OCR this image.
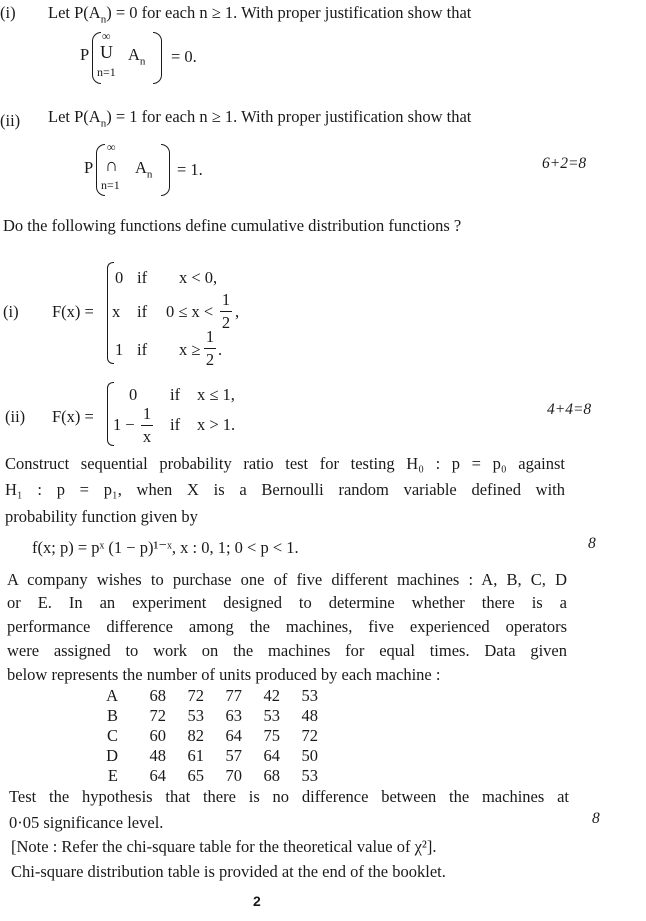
(i) Let $P(A_n) = 0$ for each n ≥ 1. With proper justification show that
P
∞
U
n=1
$A_n = 0$.
(ii) Let $P(A_n) = 1$ for each n ≥ 1. With proper justification show that
P
∞
∩
n=1
$A_n = 1$.	6+2=8
Do the following functions define cumulative distribution functions ?
(i) F(x) =
0 if x < 0,
x if 0 ≤ x <
1
2
,
1 if x ≥
1
2
.
(ii) F(x) =
0 if x ≤ 1,
1 −
1
x
if x > 1.
4+4=8
Construct sequential probability ratio test for testing H₀ : p = p₀ against
H₁ : p = p₁, when X is a Bernoulli random variable defined with
probability function given by
f(x; p) = pˣ (1 − p)¹⁻ˣ, x : 0, 1; 0 < p < 1.	8
A company wishes to purchase one of five different machines : A, B, C, D
or E. In an experiment designed to determine whether there is a
performance difference among the machines, five experienced operators
were assigned to work on the machines for equal times. Data given
below represents the number of units produced by each machine :
A	68	72	77	42	53
B	72	53	63	53	48
C	60	82	64	75	72
D	48	61	57	64	50
E	64	65	70	68	53
Test the hypothesis that there is no difference between the machines at
0·05 significance level.	8
[Note : Refer the chi-square table for the theoretical value of χ²].
Chi-square distribution table is provided at the end of the booklet.
2
